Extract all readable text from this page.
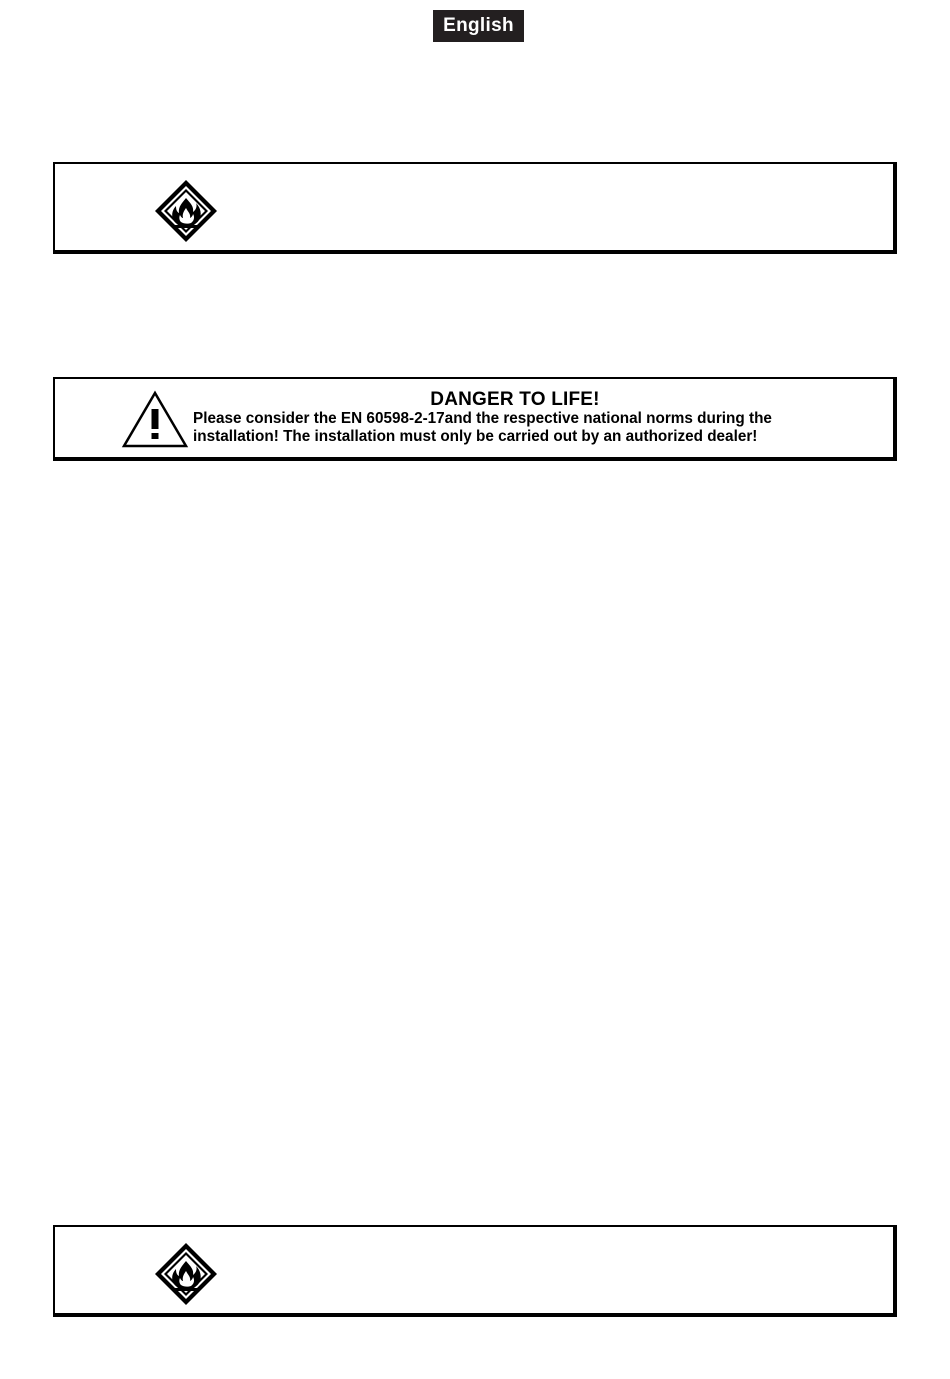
English
DANGER TO LIFE!
Please consider the EN 60598-2-17and the respective national norms during the
installation! The installation must only be carried out by an authorized dealer!
